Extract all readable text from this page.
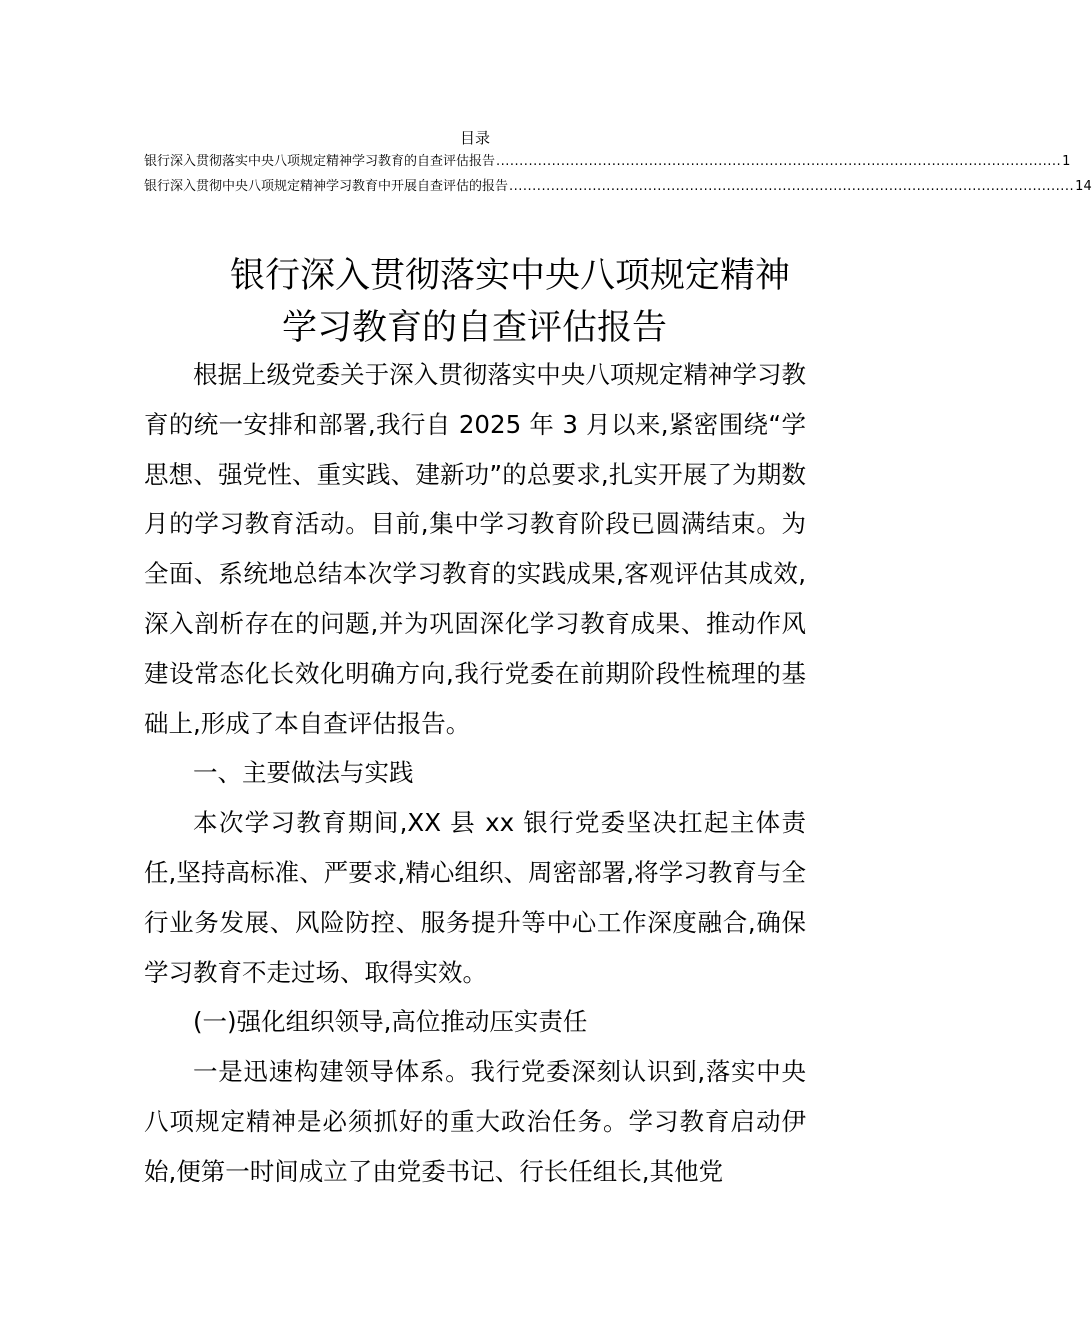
目录
银行深入贯彻落实中央八项规定精神学习教育的自查评估报告 .......................................................................................................................... 1
银行深入贯彻中央八项规定精神学习教育中开展自查评估的报告 .......................................................................................................................... 14
银行深入贯彻落实中央八项规定精神
学习教育的自查评估报告

根据上级党委关于深入贯彻落实中央八项规定精神学习教育的统一安排和部署,我行自 2025 年 3 月以来,紧密围绕“学思想、强党性、重实践、建新功”的总要求,扎实开展了为期数月的学习教育活动。目前,集中学习教育阶段已圆满结束。为全面、系统地总结本次学习教育的实践成果,客观评估其成效,深入剖析存在的问题,并为巩固深化学习教育成果、推动作风建设常态化长效化明确方向,我行党委在前期阶段性梳理的基础上,形成了本自查评估报告。

一、主要做法与实践

本次学习教育期间,XX 县 xx 银行党委坚决扛起主体责任,坚持高标准、严要求,精心组织、周密部署,将学习教育与全行业务发展、风险防控、服务提升等中心工作深度融合,确保学习教育不走过场、取得实效。

(一)强化组织领导,高位推动压实责任

一是迅速构建领导体系。我行党委深刻认识到,落实中央八项规定精神是必须抓好的重大政治任务。学习教育启动伊始,便第一时间成立了由党委书记、行长任组长,其他党
